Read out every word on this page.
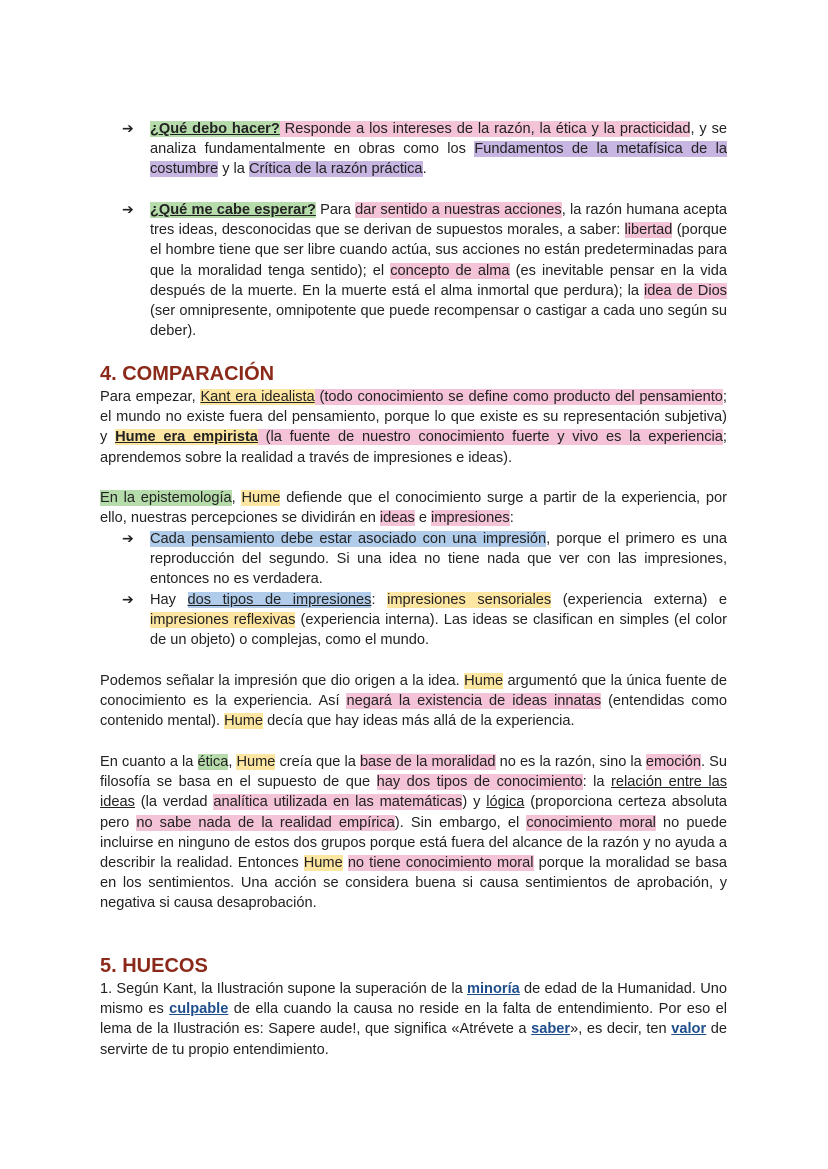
➔ ¿Qué debo hacer? Responde a los intereses de la razón, la ética y la practicidad, y se analiza fundamentalmente en obras como los Fundamentos de la metafísica de la costumbre y la Crítica de la razón práctica.

➔ ¿Qué me cabe esperar? Para dar sentido a nuestras acciones, la razón humana acepta tres ideas, desconocidas que se derivan de supuestos morales, a saber: libertad (porque el hombre tiene que ser libre cuando actúa, sus acciones no están predeterminadas para que la moralidad tenga sentido); el concepto de alma (es inevitable pensar en la vida después de la muerte. En la muerte está el alma inmortal que perdura); la idea de Dios (ser omnipresente, omnipotente que puede recompensar o castigar a cada uno según su deber).

4. COMPARACIÓN

Para empezar, Kant era idealista (todo conocimiento se define como producto del pensamiento; el mundo no existe fuera del pensamiento, porque lo que existe es su representación subjetiva) y Hume era empirista (la fuente de nuestro conocimiento fuerte y vivo es la experiencia; aprendemos sobre la realidad a través de impresiones e ideas).

En la epistemología, Hume defiende que el conocimiento surge a partir de la experiencia, por ello, nuestras percepciones se dividirán en ideas e impresiones:

➔ Cada pensamiento debe estar asociado con una impresión, porque el primero es una reproducción del segundo. Si una idea no tiene nada que ver con las impresiones, entonces no es verdadera.

➔ Hay dos tipos de impresiones: impresiones sensoriales (experiencia externa) e impresiones reflexivas (experiencia interna). Las ideas se clasifican en simples (el color de un objeto) o complejas, como el mundo.

Podemos señalar la impresión que dio origen a la idea. Hume argumentó que la única fuente de conocimiento es la experiencia. Así negará la existencia de ideas innatas (entendidas como contenido mental). Hume decía que hay ideas más allá de la experiencia.

En cuanto a la ética, Hume creía que la base de la moralidad no es la razón, sino la emoción. Su filosofía se basa en el supuesto de que hay dos tipos de conocimiento: la relación entre las ideas (la verdad analítica utilizada en las matemáticas) y lógica (proporciona certeza absoluta pero no sabe nada de la realidad empírica). Sin embargo, el conocimiento moral no puede incluirse en ninguno de estos dos grupos porque está fuera del alcance de la razón y no ayuda a describir la realidad. Entonces Hume no tiene conocimiento moral porque la moralidad se basa en los sentimientos. Una acción se considera buena si causa sentimientos de aprobación, y negativa si causa desaprobación.

5. HUECOS

1. Según Kant, la Ilustración supone la superación de la minoría de edad de la Humanidad. Uno mismo es culpable de ella cuando la causa no reside en la falta de entendimiento. Por eso el lema de la Ilustración es: Sapere aude!, que significa «Atrévete a saber», es decir, ten valor de servirte de tu propio entendimiento.
